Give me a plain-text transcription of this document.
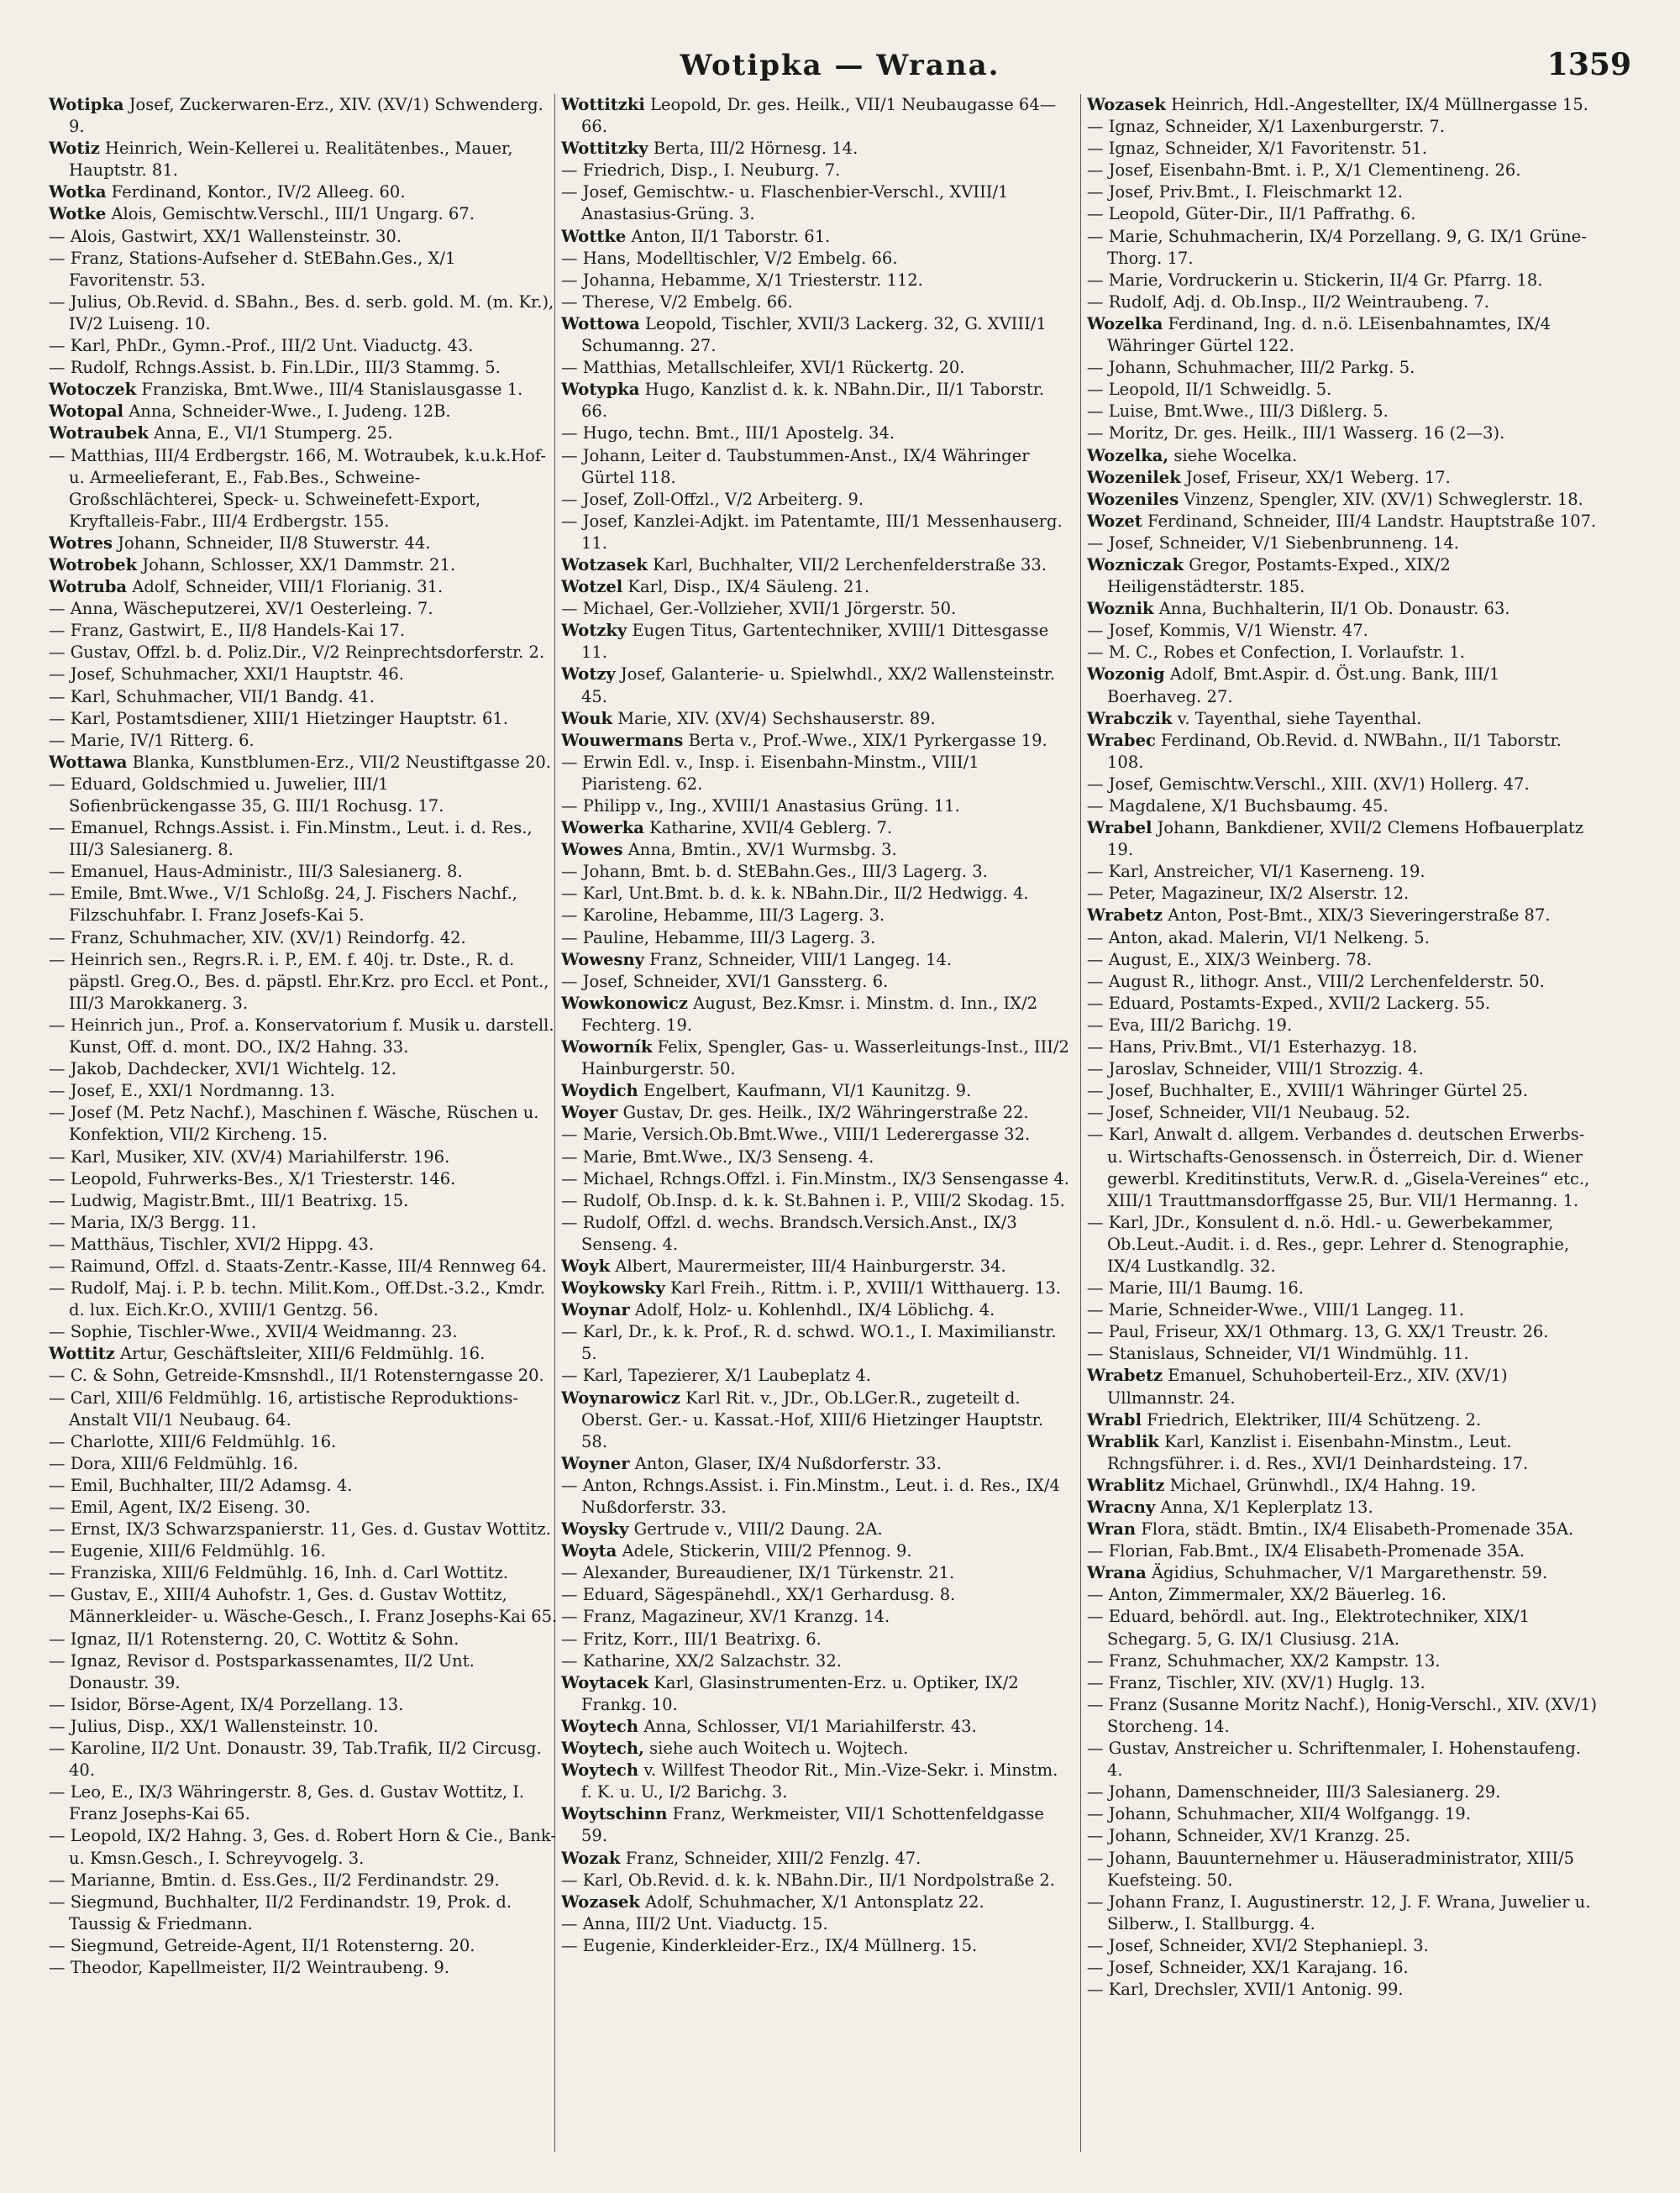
Wotipka — Wrana.	1359
Wotipka Josef, Zuckerwaren-Erz., XIV. (XV/1) Schwenderg. 9.
Wotiz Heinrich, Wein-Kellerei u. Realitätenbes., Mauer, Hauptstr. 81.
Wotka Ferdinand, Kontor., IV/2 Alleeg. 60.
Wotke Alois, Gemischtw.Verschl., III/1 Ungarg. 67.
— Alois, Gastwirt, XX/1 Wallensteinstr. 30.
— Franz, Stations-Aufseher d. StEBahn.Ges., X/1 Favoritenstr. 53.
— Julius, Ob.Revid. d. SBahn., Bes. d. serb. gold. M. (m. Kr.), IV/2 Luiseng. 10.
— Karl, PhDr., Gymn.-Prof., III/2 Unt. Viaductg. 43.
— Rudolf, Rchngs.Assist. b. Fin.LDir., III/3 Stammg. 5.
Wotoczek Franziska, Bmt.Wwe., III/4 Stanislausgasse 1.
Wotopal Anna, Schneider-Wwe., I. Judeng. 12B.
Wotraubek Anna, E., VI/1 Stumperg. 25.
— Matthias, III/4 Erdbergstr. 166, M. Wotraubek, k.u.k.Hof- u. Armeelieferant, E., Fab.Bes., Schweine-Großschlächterei, Speck- u. Schweinefett-Export, Kryftalleis-Fabr., III/4 Erdbergstr. 155.
Wotres Johann, Schneider, II/8 Stuwerstr. 44.
Wotrobek Johann, Schlosser, XX/1 Dammstr. 21.
Wotruba Adolf, Schneider, VIII/1 Florianig. 31.
— Anna, Wäscheputzerei, XV/1 Oesterleing. 7.
— Franz, Gastwirt, E., II/8 Handels-Kai 17.
— Gustav, Offzl. b. d. Poliz.Dir., V/2 Reinprechtsdorferstr. 2.
— Josef, Schuhmacher, XXI/1 Hauptstr. 46.
— Karl, Schuhmacher, VII/1 Bandg. 41.
— Karl, Postamtsdiener, XIII/1 Hietzinger Hauptstr. 61.
— Marie, IV/1 Ritterg. 6.
Wottawa Blanka, Kunstblumen-Erz., VII/2 Neustiftgasse 20.
— Eduard, Goldschmied u. Juwelier, III/1 Sofienbrückengasse 35, G. III/1 Rochusg. 17.
— Emanuel, Rchngs.Assist. i. Fin.Minstm., Leut. i. d. Res., III/3 Salesianerg. 8.
— Emanuel, Haus-Administr., III/3 Salesianerg. 8.
— Emile, Bmt.Wwe., V/1 Schloßg. 24, J. Fischers Nachf., Filzschuhfabr. I. Franz Josefs-Kai 5.
— Franz, Schuhmacher, XIV. (XV/1) Reindorfg. 42.
— Heinrich sen., Regrs.R. i. P., EM. f. 40j. tr. Dste., R. d. päpstl. Greg.O., Bes. d. päpstl. Ehr.Krz. pro Eccl. et Pont., III/3 Marokkanerg. 3.
— Heinrich jun., Prof. a. Konservatorium f. Musik u. darstell. Kunst, Off. d. mont. DO., IX/2 Hahng. 33.
— Jakob, Dachdecker, XVI/1 Wichtelg. 12.
— Josef, E., XXI/1 Nordmanng. 13.
— Josef (M. Petz Nachf.), Maschinen f. Wäsche, Rüschen u. Konfektion, VII/2 Kircheng. 15.
— Karl, Musiker, XIV. (XV/4) Mariahilferstr. 196.
— Leopold, Fuhrwerks-Bes., X/1 Triesterstr. 146.
— Ludwig, Magistr.Bmt., III/1 Beatrixg. 15.
— Maria, IX/3 Bergg. 11.
— Matthäus, Tischler, XVI/2 Hippg. 43.
— Raimund, Offzl. d. Staats-Zentr.-Kasse, III/4 Rennweg 64.
— Rudolf, Maj. i. P. b. techn. Milit.Kom., Off.Dst.-3.2., Kmdr. d. lux. Eich.Kr.O., XVIII/1 Gentzg. 56.
— Sophie, Tischler-Wwe., XVII/4 Weidmanng. 23.
Wottitz Artur, Geschäftsleiter, XIII/6 Feldmühlg. 16.
— C. & Sohn, Getreide-Kmsnshdl., II/1 Rotensterngasse 20.
— Carl, XIII/6 Feldmühlg. 16, artistische Reproduktions-Anstalt VII/1 Neubaug. 64.
— Charlotte, XIII/6 Feldmühlg. 16.
— Dora, XIII/6 Feldmühlg. 16.
— Emil, Buchhalter, III/2 Adamsg. 4.
— Emil, Agent, IX/2 Eiseng. 30.
— Ernst, IX/3 Schwarzspanierstr. 11, Ges. d. Gustav Wottitz.
— Eugenie, XIII/6 Feldmühlg. 16.
— Franziska, XIII/6 Feldmühlg. 16, Inh. d. Carl Wottitz.
— Gustav, E., XIII/4 Auhofstr. 1, Ges. d. Gustav Wottitz, Männerkleider- u. Wäsche-Gesch., I. Franz Josephs-Kai 65.
— Ignaz, II/1 Rotensterng. 20, C. Wottitz & Sohn.
— Ignaz, Revisor d. Postsparkassenamtes, II/2 Unt. Donaustr. 39.
— Isidor, Börse-Agent, IX/4 Porzellang. 13.
— Julius, Disp., XX/1 Wallensteinstr. 10.
— Karoline, II/2 Unt. Donaustr. 39, Tab.Trafik, II/2 Circusg. 40.
— Leo, E., IX/3 Währingerstr. 8, Ges. d. Gustav Wottitz, I. Franz Josephs-Kai 65.
— Leopold, IX/2 Hahng. 3, Ges. d. Robert Horn & Cie., Bank- u. Kmsn.Gesch., I. Schreyvogelg. 3.
— Marianne, Bmtin. d. Ess.Ges., II/2 Ferdinandstr. 29.
— Siegmund, Buchhalter, II/2 Ferdinandstr. 19, Prok. d. Taussig & Friedmann.
— Siegmund, Getreide-Agent, II/1 Rotensterng. 20.
— Theodor, Kapellmeister, II/2 Weintraubeng. 9.
Wottitzki Leopold, Dr. ges. Heilk., VII/1 Neubaugasse 64—66.
Wottitzky Berta, III/2 Hörnesg. 14.
— Friedrich, Disp., I. Neuburg. 7.
— Josef, Gemischtw.- u. Flaschenbier-Verschl., XVIII/1 Anastasius-Grüng. 3.
Wottke Anton, II/1 Taborstr. 61.
— Hans, Modelltischler, V/2 Embelg. 66.
— Johanna, Hebamme, X/1 Triesterstr. 112.
— Therese, V/2 Embelg. 66.
Wottowa Leopold, Tischler, XVII/3 Lackerg. 32, G. XVIII/1 Schumanng. 27.
— Matthias, Metallschleifer, XVI/1 Rückertg. 20.
Wotypka Hugo, Kanzlist d. k. k. NBahn.Dir., II/1 Taborstr. 66.
— Hugo, techn. Bmt., III/1 Apostelg. 34.
— Johann, Leiter d. Taubstummen-Anst., IX/4 Währinger Gürtel 118.
— Josef, Zoll-Offzl., V/2 Arbeiterg. 9.
— Josef, Kanzlei-Adjkt. im Patentamte, III/1 Messenhauserg. 11.
Wotzasek Karl, Buchhalter, VII/2 Lerchenfelderstraße 33.
Wotzel Karl, Disp., IX/4 Säuleng. 21.
— Michael, Ger.-Vollzieher, XVII/1 Jörgerstr. 50.
Wotzky Eugen Titus, Gartentechniker, XVIII/1 Dittesgasse 11.
Wotzy Josef, Galanterie- u. Spielwhdl., XX/2 Wallensteinstr. 45.
Wouk Marie, XIV. (XV/4) Sechshauserstr. 89.
Wouwermans Berta v., Prof.-Wwe., XIX/1 Pyrkergasse 19.
— Erwin Edl. v., Insp. i. Eisenbahn-Minstm., VIII/1 Piaristeng. 62.
— Philipp v., Ing., XVIII/1 Anastasius Grüng. 11.
Wowerka Katharine, XVII/4 Geblerg. 7.
Wowes Anna, Bmtin., XV/1 Wurmsbg. 3.
— Johann, Bmt. b. d. StEBahn.Ges., III/3 Lagerg. 3.
— Karl, Unt.Bmt. b. d. k. k. NBahn.Dir., II/2 Hedwigg. 4.
— Karoline, Hebamme, III/3 Lagerg. 3.
— Pauline, Hebamme, III/3 Lagerg. 3.
Wowesny Franz, Schneider, VIII/1 Langeg. 14.
— Josef, Schneider, XVI/1 Ganssterg. 6.
Wowkonowicz August, Bez.Kmsr. i. Minstm. d. Inn., IX/2 Fechterg. 19.
Woworník Felix, Spengler, Gas- u. Wasserleitungs-Inst., III/2 Hainburgerstr. 50.
Woydich Engelbert, Kaufmann, VI/1 Kaunitzg. 9.
Woyer Gustav, Dr. ges. Heilk., IX/2 Währingerstraße 22.
— Marie, Versich.Ob.Bmt.Wwe., VIII/1 Lederergasse 32.
— Marie, Bmt.Wwe., IX/3 Senseng. 4.
— Michael, Rchngs.Offzl. i. Fin.Minstm., IX/3 Sensengasse 4.
— Rudolf, Ob.Insp. d. k. k. St.Bahnen i. P., VIII/2 Skodag. 15.
— Rudolf, Offzl. d. wechs. Brandsch.Versich.Anst., IX/3 Senseng. 4.
Woyk Albert, Maurermeister, III/4 Hainburgerstr. 34.
Woykowsky Karl Freih., Rittm. i. P., XVIII/1 Witthauerg. 13.
Woynar Adolf, Holz- u. Kohlenhdl., IX/4 Löblichg. 4.
— Karl, Dr., k. k. Prof., R. d. schwd. WO.1., I. Maximilianstr. 5.
— Karl, Tapezierer, X/1 Laubeplatz 4.
Woynarowicz Karl Rit. v., JDr., Ob.LGer.R., zugeteilt d. Oberst. Ger.- u. Kassat.-Hof, XIII/6 Hietzinger Hauptstr. 58.
Woyner Anton, Glaser, IX/4 Nußdorferstr. 33.
— Anton, Rchngs.Assist. i. Fin.Minstm., Leut. i. d. Res., IX/4 Nußdorferstr. 33.
Woysky Gertrude v., VIII/2 Daung. 2A.
Woyta Adele, Stickerin, VIII/2 Pfennog. 9.
— Alexander, Bureaudiener, IX/1 Türkenstr. 21.
— Eduard, Sägespänehdl., XX/1 Gerhardusg. 8.
— Franz, Magazineur, XV/1 Kranzg. 14.
— Fritz, Korr., III/1 Beatrixg. 6.
— Katharine, XX/2 Salzachstr. 32.
Woytacek Karl, Glasinstrumenten-Erz. u. Optiker, IX/2 Frankg. 10.
Woytech Anna, Schlosser, VI/1 Mariahilferstr. 43.
Woytech, siehe auch Woitech u. Wojtech.
Woytech v. Willfest Theodor Rit., Min.-Vize-Sekr. i. Minstm. f. K. u. U., I/2 Barichg. 3.
Woytschinn Franz, Werkmeister, VII/1 Schottenfeldgasse 59.
Wozak Franz, Schneider, XIII/2 Fenzlg. 47.
— Karl, Ob.Revid. d. k. k. NBahn.Dir., II/1 Nordpolstraße 2.
Wozasek Adolf, Schuhmacher, X/1 Antonsplatz 22.
— Anna, III/2 Unt. Viaductg. 15.
— Eugenie, Kinderkleider-Erz., IX/4 Müllnerg. 15.
Wozasek Heinrich, Hdl.-Angestellter, IX/4 Müllnergasse 15.
— Ignaz, Schneider, X/1 Laxenburgerstr. 7.
— Ignaz, Schneider, X/1 Favoritenstr. 51.
— Josef, Eisenbahn-Bmt. i. P., X/1 Clementineng. 26.
— Josef, Priv.Bmt., I. Fleischmarkt 12.
— Leopold, Güter-Dir., II/1 Paffrathg. 6.
— Marie, Schuhmacherin, IX/4 Porzellang. 9, G. IX/1 Grüne-Thorg. 17.
— Marie, Vordruckerin u. Stickerin, II/4 Gr. Pfarrg. 18.
— Rudolf, Adj. d. Ob.Insp., II/2 Weintraubeng. 7.
Wozelka Ferdinand, Ing. d. n.ö. LEisenbahnamtes, IX/4 Währinger Gürtel 122.
— Johann, Schuhmacher, III/2 Parkg. 5.
— Leopold, II/1 Schweidlg. 5.
— Luise, Bmt.Wwe., III/3 Dißlerg. 5.
— Moritz, Dr. ges. Heilk., III/1 Wasserg. 16 (2—3).
Wozelka, siehe Wocelka.
Wozenilek Josef, Friseur, XX/1 Weberg. 17.
Wozeniles Vinzenz, Spengler, XIV. (XV/1) Schweglerstr. 18.
Wozet Ferdinand, Schneider, III/4 Landstr. Hauptstraße 107.
— Josef, Schneider, V/1 Siebenbrunneng. 14.
Wozniczak Gregor, Postamts-Exped., XIX/2 Heiligenstädterstr. 185.
Woznik Anna, Buchhalterin, II/1 Ob. Donaustr. 63.
— Josef, Kommis, V/1 Wienstr. 47.
— M. C., Robes et Confection, I. Vorlaufstr. 1.
Wozonig Adolf, Bmt.Aspir. d. Öst.ung. Bank, III/1 Boerhaveg. 27.
Wrabczik v. Tayenthal, siehe Tayenthal.
Wrabec Ferdinand, Ob.Revid. d. NWBahn., II/1 Taborstr. 108.
— Josef, Gemischtw.Verschl., XIII. (XV/1) Hollerg. 47.
— Magdalene, X/1 Buchsbaumg. 45.
Wrabel Johann, Bankdiener, XVII/2 Clemens Hofbauerplatz 19.
— Karl, Anstreicher, VI/1 Kaserneng. 19.
— Peter, Magazineur, IX/2 Alserstr. 12.
Wrabetz Anton, Post-Bmt., XIX/3 Sieveringerstraße 87.
— Anton, akad. Malerin, VI/1 Nelkeng. 5.
— August, E., XIX/3 Weinberg. 78.
— August R., lithogr. Anst., VIII/2 Lerchenfelderstr. 50.
— Eduard, Postamts-Exped., XVII/2 Lackerg. 55.
— Eva, III/2 Barichg. 19.
— Hans, Priv.Bmt., VI/1 Esterhazyg. 18.
— Jaroslav, Schneider, VIII/1 Strozzig. 4.
— Josef, Buchhalter, E., XVIII/1 Währinger Gürtel 25.
— Josef, Schneider, VII/1 Neubaug. 52.
— Karl, Anwalt d. allgem. Verbandes d. deutschen Erwerbs- u. Wirtschafts-Genossensch. in Österreich, Dir. d. Wiener gewerbl. Kreditinstituts, Verw.R. d. „Gisela-Vereines“ etc., XIII/1 Trauttmansdorffgasse 25, Bur. VII/1 Hermanng. 1.
— Karl, JDr., Konsulent d. n.ö. Hdl.- u. Gewerbekammer, Ob.Leut.-Audit. i. d. Res., gepr. Lehrer d. Stenographie, IX/4 Lustkandlg. 32.
— Marie, III/1 Baumg. 16.
— Marie, Schneider-Wwe., VIII/1 Langeg. 11.
— Paul, Friseur, XX/1 Othmarg. 13, G. XX/1 Treustr. 26.
— Stanislaus, Schneider, VI/1 Windmühlg. 11.
Wrabetz Emanuel, Schuhoberteil-Erz., XIV. (XV/1) Ullmannstr. 24.
Wrabl Friedrich, Elektriker, III/4 Schützeng. 2.
Wrablik Karl, Kanzlist i. Eisenbahn-Minstm., Leut. Rchngsführer. i. d. Res., XVI/1 Deinhardsteing. 17.
Wrablitz Michael, Grünwhdl., IX/4 Hahng. 19.
Wracny Anna, X/1 Keplerplatz 13.
Wran Flora, städt. Bmtin., IX/4 Elisabeth-Promenade 35A.
— Florian, Fab.Bmt., IX/4 Elisabeth-Promenade 35A.
Wrana Ägidius, Schuhmacher, V/1 Margarethenstr. 59.
— Anton, Zimmermaler, XX/2 Bäuerleg. 16.
— Eduard, behördl. aut. Ing., Elektrotechniker, XIX/1 Schegarg. 5, G. IX/1 Clusiusg. 21A.
— Franz, Schuhmacher, XX/2 Kampstr. 13.
— Franz, Tischler, XIV. (XV/1) Huglg. 13.
— Franz (Susanne Moritz Nachf.), Honig-Verschl., XIV. (XV/1) Storcheng. 14.
— Gustav, Anstreicher u. Schriftenmaler, I. Hohenstaufeng. 4.
— Johann, Damenschneider, III/3 Salesianerg. 29.
— Johann, Schuhmacher, XII/4 Wolfgangg. 19.
— Johann, Schneider, XV/1 Kranzg. 25.
— Johann, Bauunternehmer u. Häuseradministrator, XIII/5 Kuefsteing. 50.
— Johann Franz, I. Augustinerstr. 12, J. F. Wrana, Juwelier u. Silberw., I. Stallburgg. 4.
— Josef, Schneider, XVI/2 Stephaniepl. 3.
— Josef, Schneider, XX/1 Karajang. 16.
— Karl, Drechsler, XVII/1 Antonig. 99.
